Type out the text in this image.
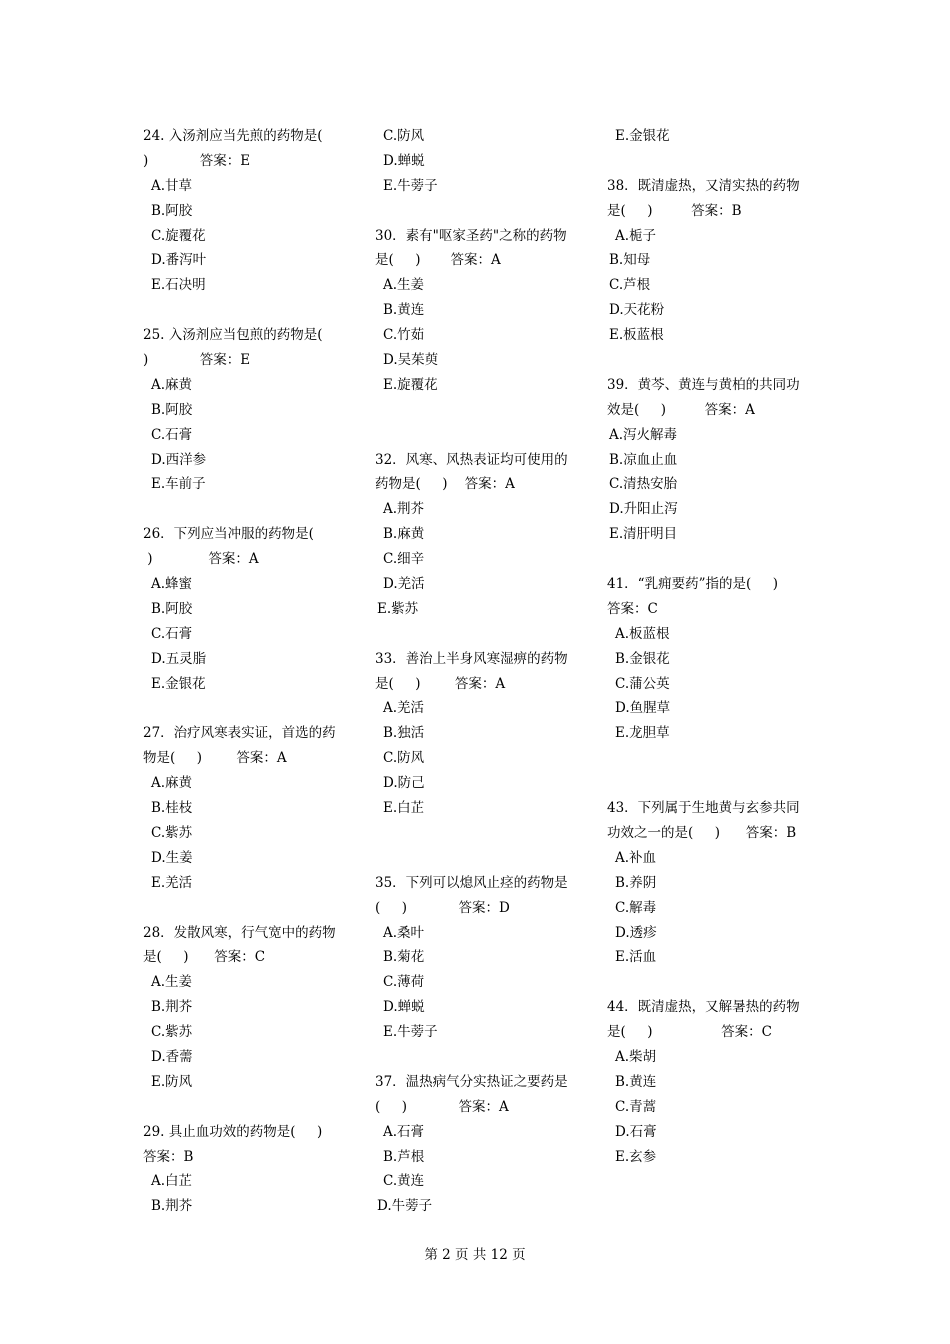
24. 入汤剂应当先煎的药物是(
)            答案：E
A.甘草
B.阿胶
C.旋覆花
D.番泻叶
E.石决明
25. 入汤剂应当包煎的药物是(
)            答案：E
A.麻黄
B.阿胶
C.石膏
D.西洋参
E.车前子
26．下列应当冲服的药物是(
)             答案：A
A.蜂蜜
B.阿胶
C.石膏
D.五灵脂
E.金银花
27．治疗风寒表实证，首选的药
物是(     )        答案：A
A.麻黄
B.桂枝
C.紫苏
D.生姜
E.羌活
28．发散风寒，行气宽中的药物
是(     )      答案：C
A.生姜
B.荆芥
C.紫苏
D.香薷
E.防风
29. 具止血功效的药物是(     )
答案：B
A.白芷
B.荆芥
C.防风
D.蝉蜕
E.牛蒡子
30．素有"呕家圣药"之称的药物
是(     )       答案：A
A.生姜
B.黄连
C.竹茹
D.吴茱萸
E.旋覆花
32．风寒、风热表证均可使用的
药物是(     )    答案：A
A.荆芥
B.麻黄
C.细辛
D.羌活
E.紫苏
33．善治上半身风寒湿痹的药物
是(     )        答案：A
A.羌活
B.独活
C.防风
D.防己
E.白芷
35．下列可以熄风止痉的药物是
(     )            答案：D
A.桑叶
B.菊花
C.薄荷
D.蝉蜕
E.牛蒡子
37．温热病气分实热证之要药是
(     )            答案：A
A.石膏
B.芦根
C.黄连
D.牛蒡子
E.金银花
38．既清虚热，又清实热的药物
是(     )         答案：B
A.栀子
B.知母
C.芦根
D.天花粉
E.板蓝根
39．黄芩、黄连与黄柏的共同功
效是(     )         答案：A
A.泻火解毒
B.凉血止血
C.清热安胎
D.升阳止泻
E.清肝明目
41．“乳痈要药”指的是(     )
答案：C
A.板蓝根
B.金银花
C.蒲公英
D.鱼腥草
E.龙胆草
43．下列属于生地黄与玄参共同
功效之一的是(     )      答案：B
A.补血
B.养阴
C.解毒
D.透疹
E.活血
44．既清虚热，又解暑热的药物
是(     )                答案：C
A.柴胡
B.黄连
C.青蒿
D.石膏
E.玄参
第 2 页 共 12 页
